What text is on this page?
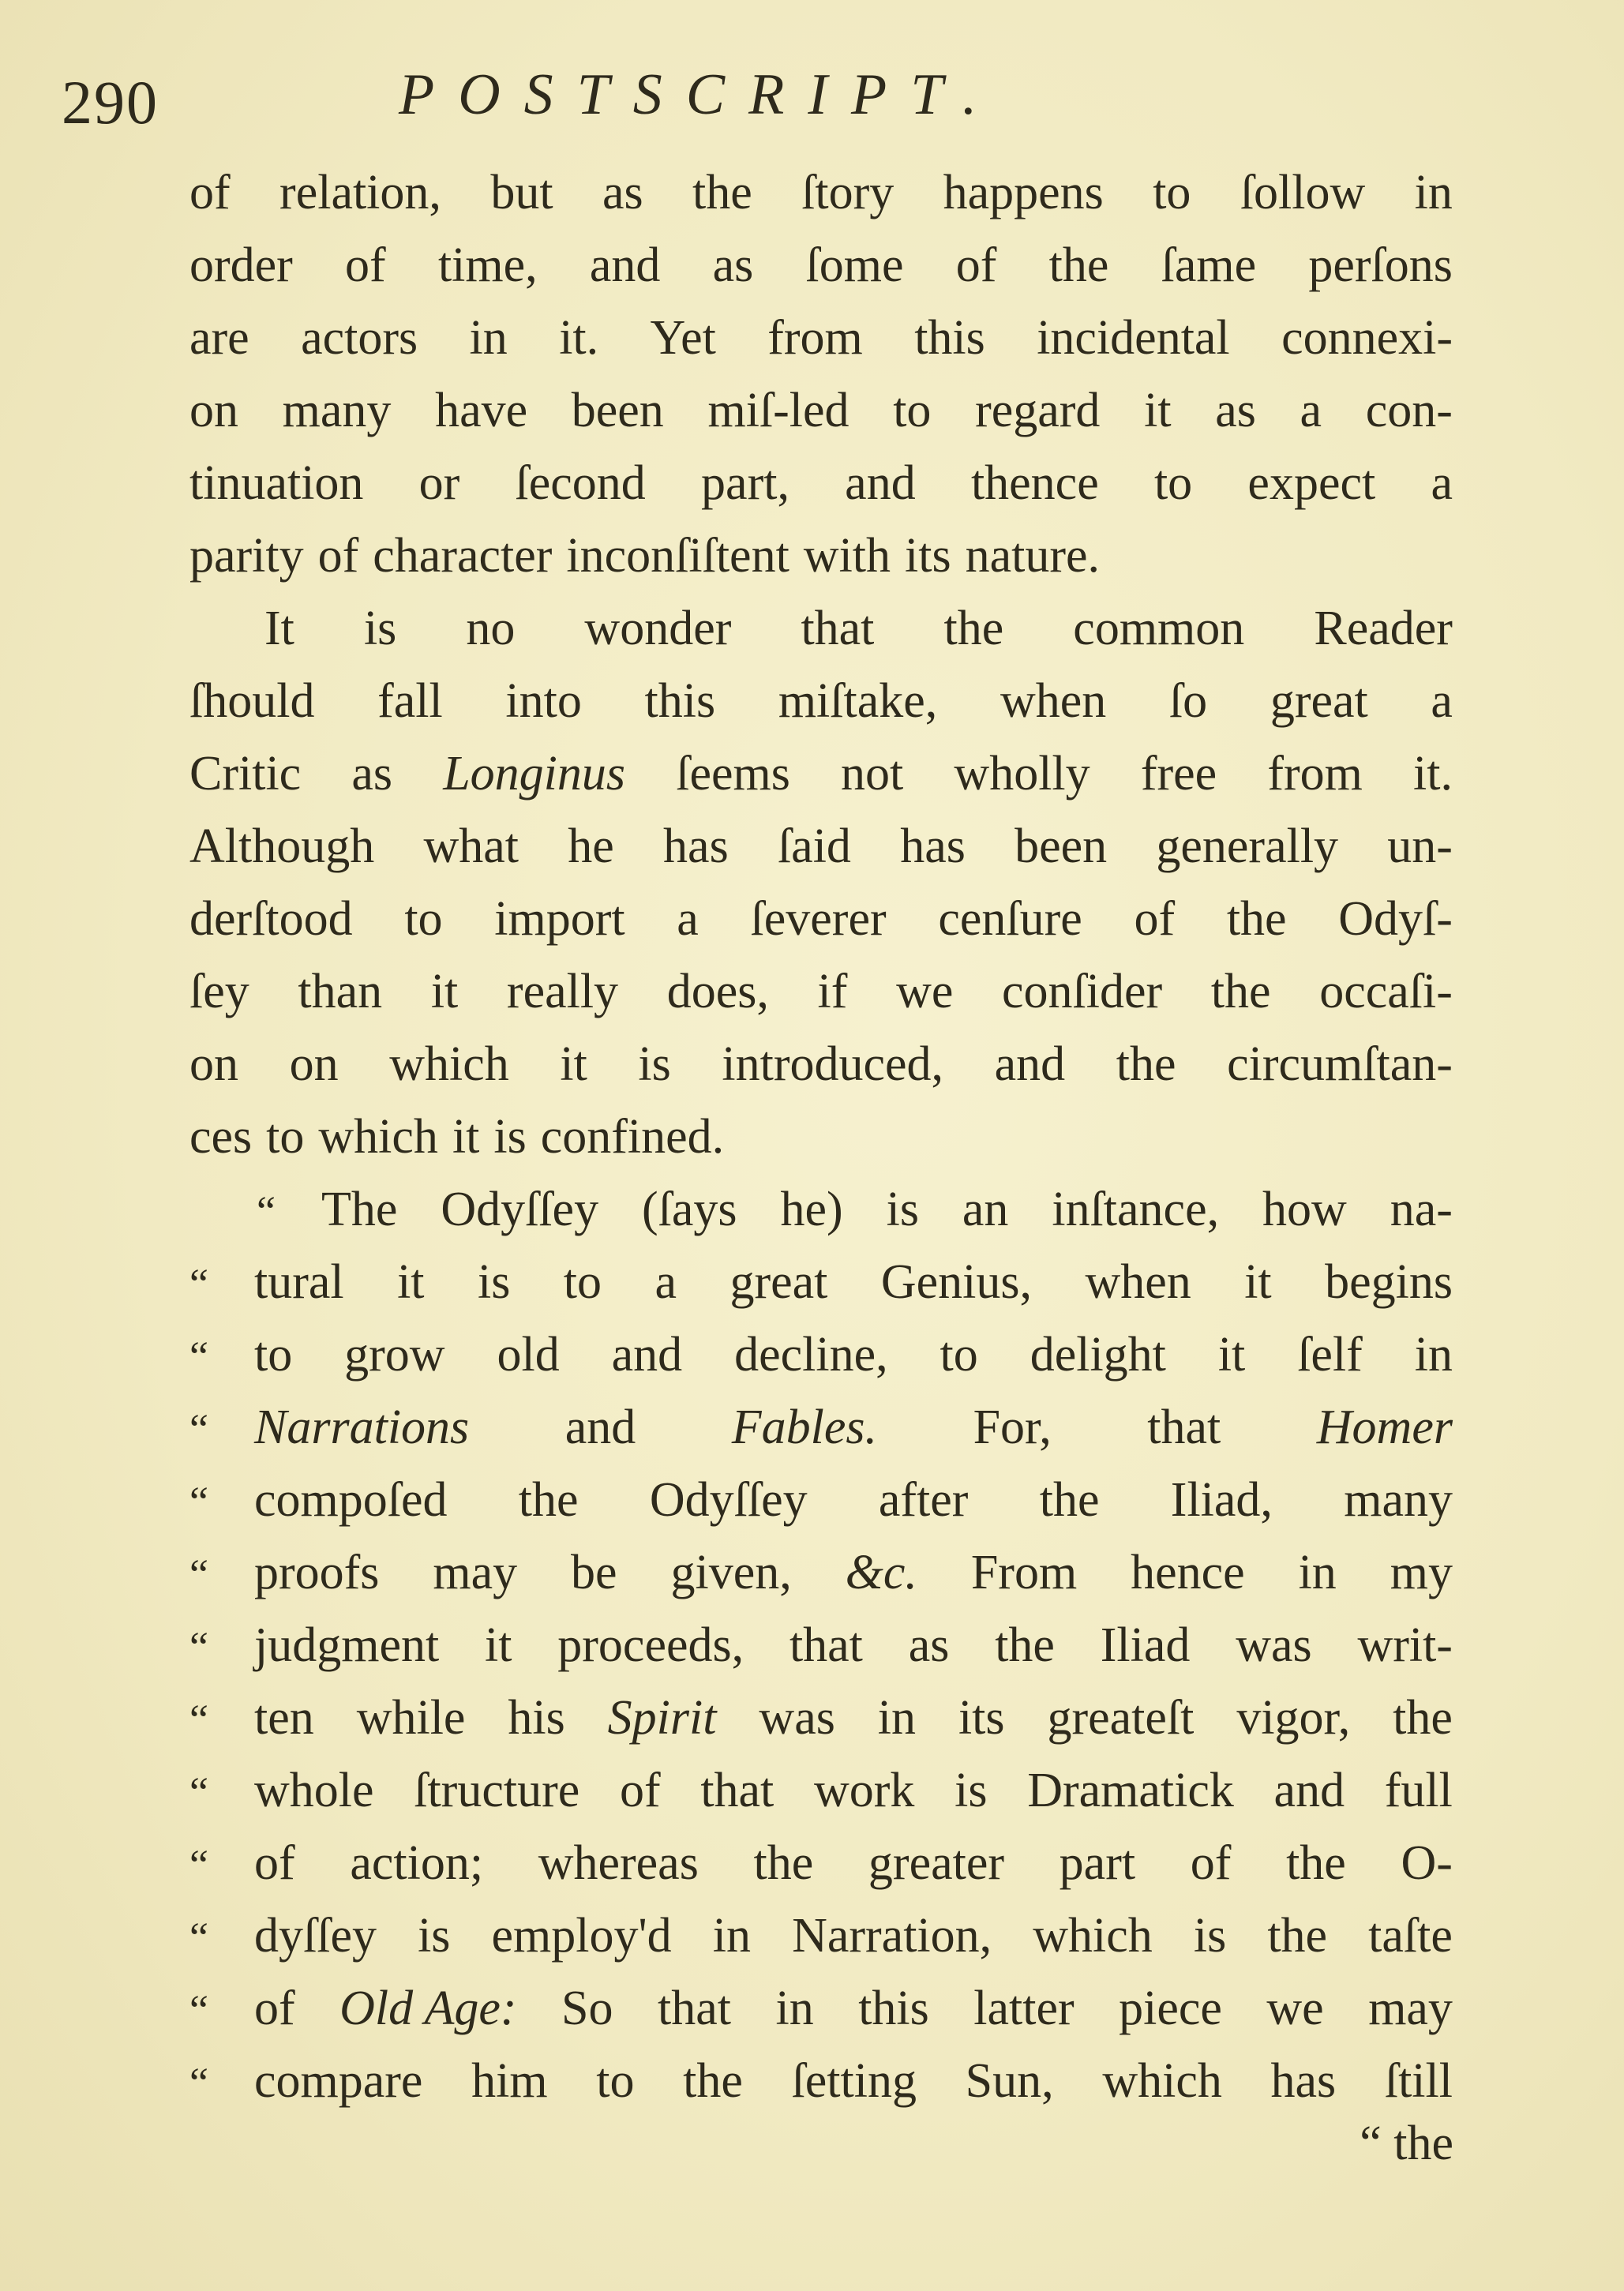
290	POSTSCRIPT.
of relation, but as the ſtory happens to ſollow in
order of time, and as ſome of the ſame perſons
are actors in it. Yet from this incidental connexi-
on many have been miſ-led to regard it as a con-
tinuation or ſecond part, and thence to expect a
parity of character inconſiſtent with its nature.
It is no wonder that the common Reader
ſhould fall into this miſtake, when ſo great a
Critic as Longinus ſeems not wholly free from it.
Although what he has ſaid has been generally un-
derſtood to import a ſeverer cenſure of the Odyſ-
ſey than it really does, if we conſider the occaſi-
on on which it is introduced, and the circumſtan-
ces to which it is confined.
“ The Odyſſey (ſays he) is an inſtance, how na-
“ tural it is to a great Genius, when it begins
“ to grow old and decline, to delight it ſelf in
“ Narrations and Fables. For, that Homer
“ compoſed the Odyſſey after the Iliad, many
“ proofs may be given, &c. From hence in my
“ judgment it proceeds, that as the Iliad was writ-
“ ten while his Spirit was in its greateſt vigor, the
“ whole ſtructure of that work is Dramatick and full
“ of action; whereas the greater part of the O-
“ dyſſey is employ'd in Narration, which is the taſte
“ of Old Age: So that in this latter piece we may
“ compare him to the ſetting Sun, which has ſtill
“ the
